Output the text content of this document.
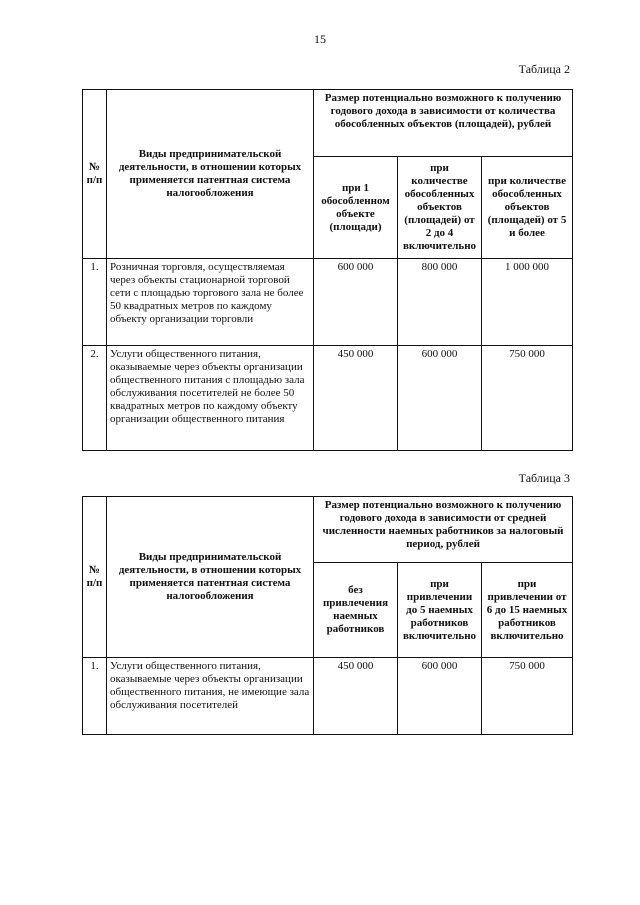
15
Таблица 2
№ п/п	Виды предпринимательской деятельности, в отношении которых применяется патентная система налогообложения	Размер потенциально возможного к получению годового дохода в зависимости от количества обособленных объектов (площадей), рублей		
		при 1 обособленном объекте (площади)	при количестве обособленных объектов (площадей) от 2 до 4 включительно	при количестве обособленных объектов (площадей) от 5 и более
1.	Розничная торговля, осуществляемая через объекты стационарной торговой сети с площадью торгового зала не более 50 квадратных метров по каждому объекту организации торговли	600 000	800 000	1 000 000
2.	Услуги общественного питания, оказываемые через объекты организации общественного питания с площадью зала обслуживания посетителей не более 50 квадратных метров по каждому объекту организации общественного питания	450 000	600 000	750 000
Таблица 3
№ п/п	Виды предпринимательской деятельности, в отношении которых применяется патентная система налогообложения	Размер потенциально возможного к получению годового дохода в зависимости от средней численности наемных работников за налоговый период, рублей		
		без привлечения наемных работников	при привлечении до 5 наемных работников включительно	при привлечении от 6 до 15 наемных работников включительно
1.	Услуги общественного питания, оказываемые через объекты организации общественного питания, не имеющие зала обслуживания посетителей	450 000	600 000	750 000
